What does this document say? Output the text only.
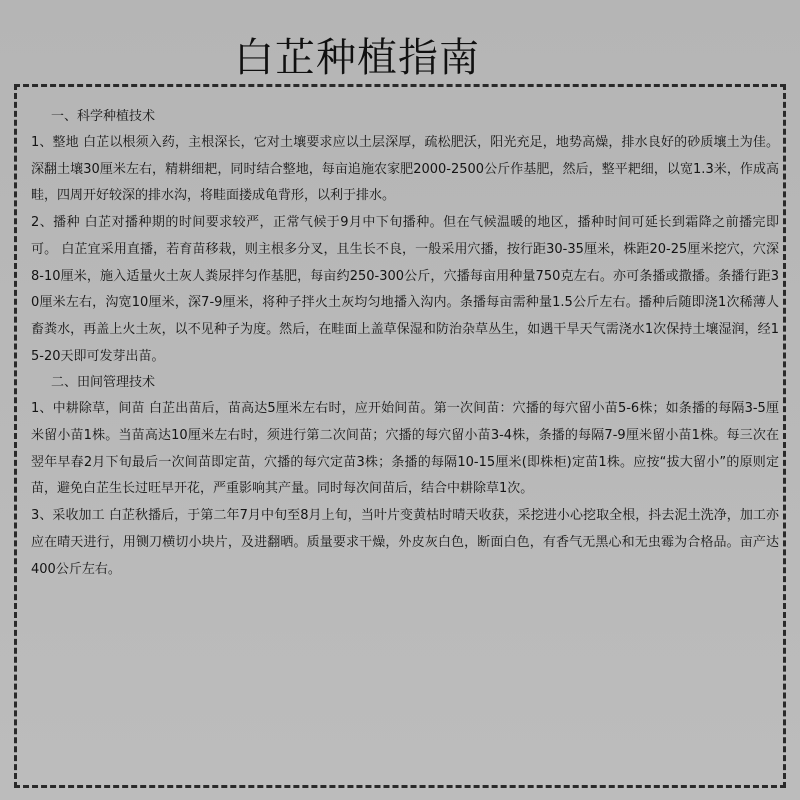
白芷种植指南
一、科学种植技术

1、整地 白芷以根须入药，主根深长，它对土壤要求应以土层深厚，疏松肥沃，阳光充足，地势高燥，排水良好的砂质壤土为佳。深翻土壤30厘米左右，精耕细耙，同时结合整地，每亩追施农家肥2000-2500公斤作基肥，然后，整平耙细，以宽1.3米，作成高畦，四周开好较深的排水沟，将畦面搂成龟背形，以利于排水。

2、播种 白芷对播种期的时间要求较严，正常气候于9月中下旬播种。但在气候温暖的地区，播种时间可延长到霜降之前播完即可。 白芷宜采用直播，若育苗移栽，则主根多分叉，且生长不良，一般采用穴播，按行距30-35厘米，株距20-25厘米挖穴，穴深8-10厘米，施入适量火土灰人粪尿拌匀作基肥，每亩约250-300公斤，穴播每亩用种量750克左右。亦可条播或撒播。条播行距30厘米左右，沟宽10厘米，深7-9厘米，将种子拌火土灰均匀地播入沟内。条播每亩需种量1.5公斤左右。播种后随即浇1次稀薄人畜粪水，再盖上火土灰，以不见种子为度。然后，在畦面上盖草保湿和防治杂草丛生，如遇干旱天气需浇水1次保持土壤湿润，经15-20天即可发芽出苗。

二、田间管理技术

1、中耕除草，间苗 白芷出苗后，苗高达5厘米左右时，应开始间苗。第一次间苗：穴播的每穴留小苗5-6株；如条播的每隔3-5厘米留小苗1株。当苗高达10厘米左右时，须进行第二次间苗；穴播的每穴留小苗3-4株，条播的每隔7-9厘米留小苗1株。每三次在翌年早春2月下旬最后一次间苗即定苗，穴播的每穴定苗3株；条播的每隔10-15厘米(即株柜)定苗1株。应按“拔大留小”的原则定苗，避免白芷生长过旺早开花，严重影响其产量。同时每次间苗后，结合中耕除草1次。

3、采收加工 白芷秋播后，于第二年7月中旬至8月上旬，当叶片变黄枯时晴天收获，采挖进小心挖取全根，抖去泥土洗净，加工亦应在晴天进行，用铡刀横切小块片，及进翻晒。质量要求干燥，外皮灰白色，断面白色，有香气无黑心和无虫霉为合格品。亩产达400公斤左右。
